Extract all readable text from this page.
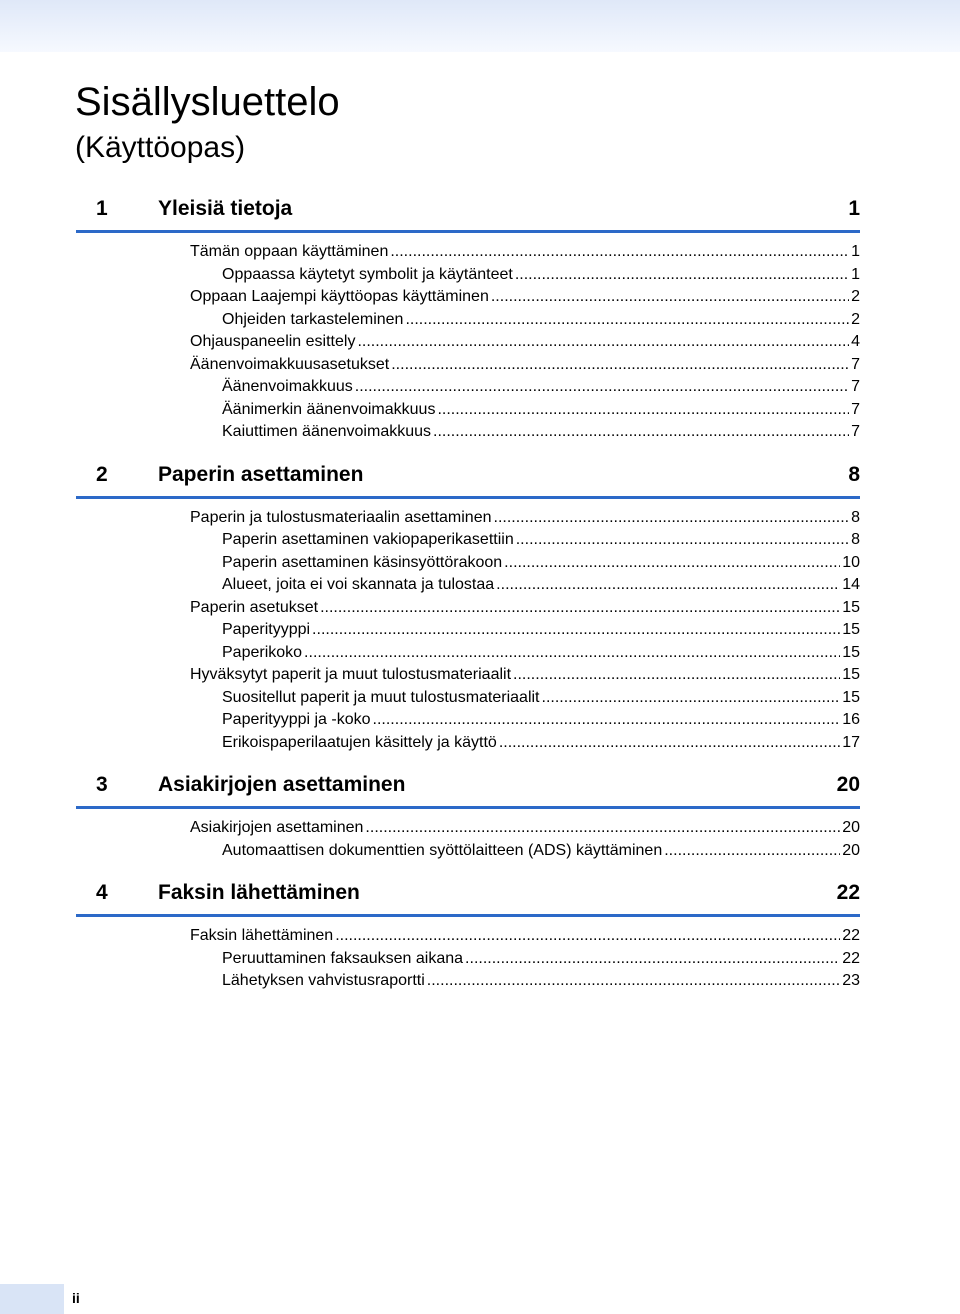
Sisällysluettelo
(Käyttöopas)
1	Yleisiä tietoja	1
Tämän oppaan käyttäminen .....	1
Oppaassa käytetyt symbolit ja käytänteet .....	1
Oppaan Laajempi käyttöopas käyttäminen .....	2
Ohjeiden tarkasteleminen .....	2
Ohjauspaneelin esittely .....	4
Äänenvoimakkuusasetukset .....	7
Äänenvoimakkuus .....	7
Äänimerkin äänenvoimakkuus .....	7
Kaiuttimen äänenvoimakkuus .....	7
2	Paperin asettaminen	8
Paperin ja tulostusmateriaalin asettaminen .....	8
Paperin asettaminen vakiopaperikasettiin .....	8
Paperin asettaminen käsinsyöttörakoon .....	10
Alueet, joita ei voi skannata ja tulostaa .....	14
Paperin asetukset .....	15
Paperityyppi .....	15
Paperikoko .....	15
Hyväksytyt paperit ja muut tulostusmateriaalit .....	15
Suositellut paperit ja muut tulostusmateriaalit .....	15
Paperityyppi ja -koko .....	16
Erikoispaperilaatujen käsittely ja käyttö .....	17
3	Asiakirjojen asettaminen	20
Asiakirjojen asettaminen .....	20
Automaattisen dokumenttien syöttölaitteen (ADS) käyttäminen .....	20
4	Faksin lähettäminen	22
Faksin lähettäminen .....	22
Peruuttaminen faksauksen aikana .....	22
Lähetyksen vahvistusraportti .....	23
ii
